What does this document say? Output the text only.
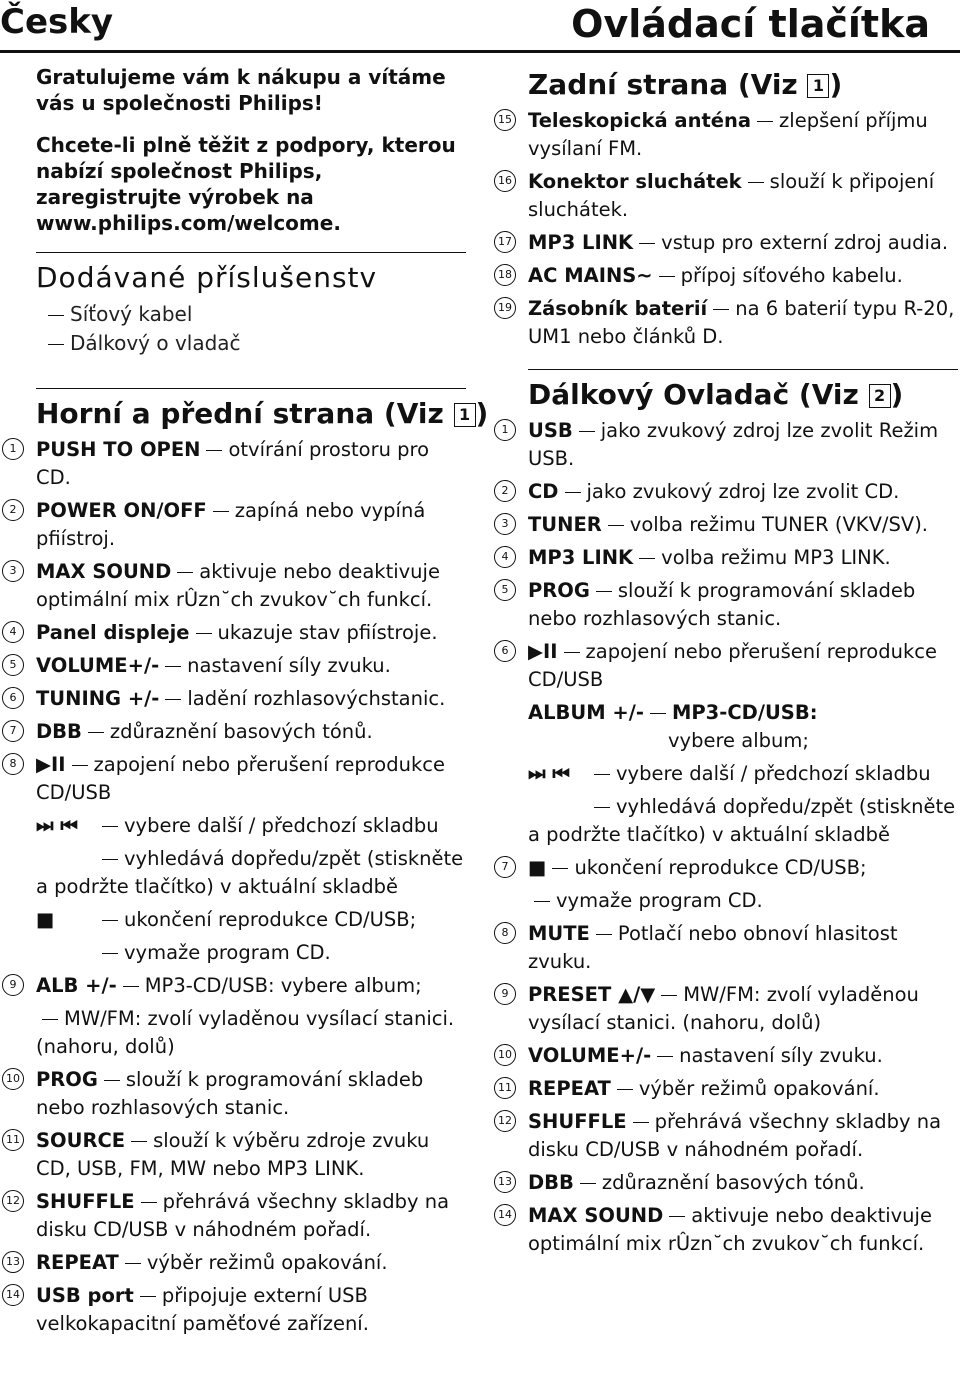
Česky	Ovládací tlačítka

Gratulujeme vám k nákupu a vítáme vás u společnosti Philips!

Chcete-li plně těžit z podpory, kterou nabízí společnost Philips, zaregistrujte výrobek na www.philips.com/welcome.

Dodávané příslušenstv
Síťový kabel
Dálkový o vladač
Horní a přední strana (Viz 1 )
1	PUSH TO OPEN otvírání prostoru pro CD.
2	POWER ON/OFF zapíná nebo vypíná pfiístroj.
3	MAX SOUND aktivuje nebo deaktivuje optimální mix rÛzn˘ch zvukov˘ch funkcí.
4	Panel displeje ukazuje stav pfiístroje.
5	VOLUME+/- nastavení síly zvuku.
6	TUNING +/- ladění rozhlasovýchstanic.
7	DBB zdůraznění basových tónů.
8	▶II zapojení nebo přerušení reprodukce CD/USB
⏭ ⏮ vybere další / předchozí skladbu
vyhledává dopředu/zpět (stiskněte a podržte tlačítko) v aktuální skladbě
■	ukončení reprodukce CD/USB;
vymaže program CD.
9	ALB +/- MP3-CD/USB: vybere album;
MW/FM: zvolí vyladěnou vysílací stanici. (nahoru, dolů)
10 PROG slouží k programování skladeb nebo rozhlasových stanic.
11 SOURCE slouží k výběru zdroje zvuku CD, USB, FM, MW nebo MP3 LINK.
12 SHUFFLE přehrává všechny skladby na disku CD/USB v náhodném pořadí.
13 REPEAT výběr režimů opakování.
14 USB port připojuje externí USB velkokapacitní paměťové zařízení.
Zadní strana (Viz 1 )
15 Teleskopická anténa zlepšení příjmu vysílaní FM.
16 Konektor sluchátek slouží k připojení sluchátek.
17 MP3 LINK vstup pro externí zdroj audia.
18 AC MAINS~ přípoj síťového kabelu.
19 Zásobník baterií na 6 baterií typu R-20, UM1 nebo článků D.
Dálkový Ovladač (Viz 2 )
1	USB jako zvukový zdroj lze zvolit Režim USB.
2	CD jako zvukový zdroj lze zvolit CD.
3	TUNER volba režimu TUNER (VKV/SV).
4	MP3 LINK volba režimu MP3 LINK.
5	PROG slouží k programování skladeb nebo rozhlasových stanic.
6	▶II zapojení nebo přerušení reprodukce CD/USB
ALBUM +/- MP3-CD/USB:
vybere album;
⏭ ⏮ vybere další / předchozí skladbu
vyhledává dopředu/zpět (stiskněte a podržte tlačítko) v aktuální skladbě
7	■ ukončení reprodukce CD/USB;
vymaže program CD.
8	MUTE Potlačí nebo obnoví hlasitost zvuku.
9	PRESET ▲/▼ MW/FM: zvolí vyladěnou vysílací stanici. (nahoru, dolů)
10 VOLUME+/- nastavení síly zvuku.
11 REPEAT výběr režimů opakování.
12 SHUFFLE přehrává všechny skladby na disku CD/USB v náhodném pořadí.
13 DBB zdůraznění basových tónů.
14 MAX SOUND aktivuje nebo deaktivuje optimální mix rÛzn˘ch zvukov˘ch funkcí.
